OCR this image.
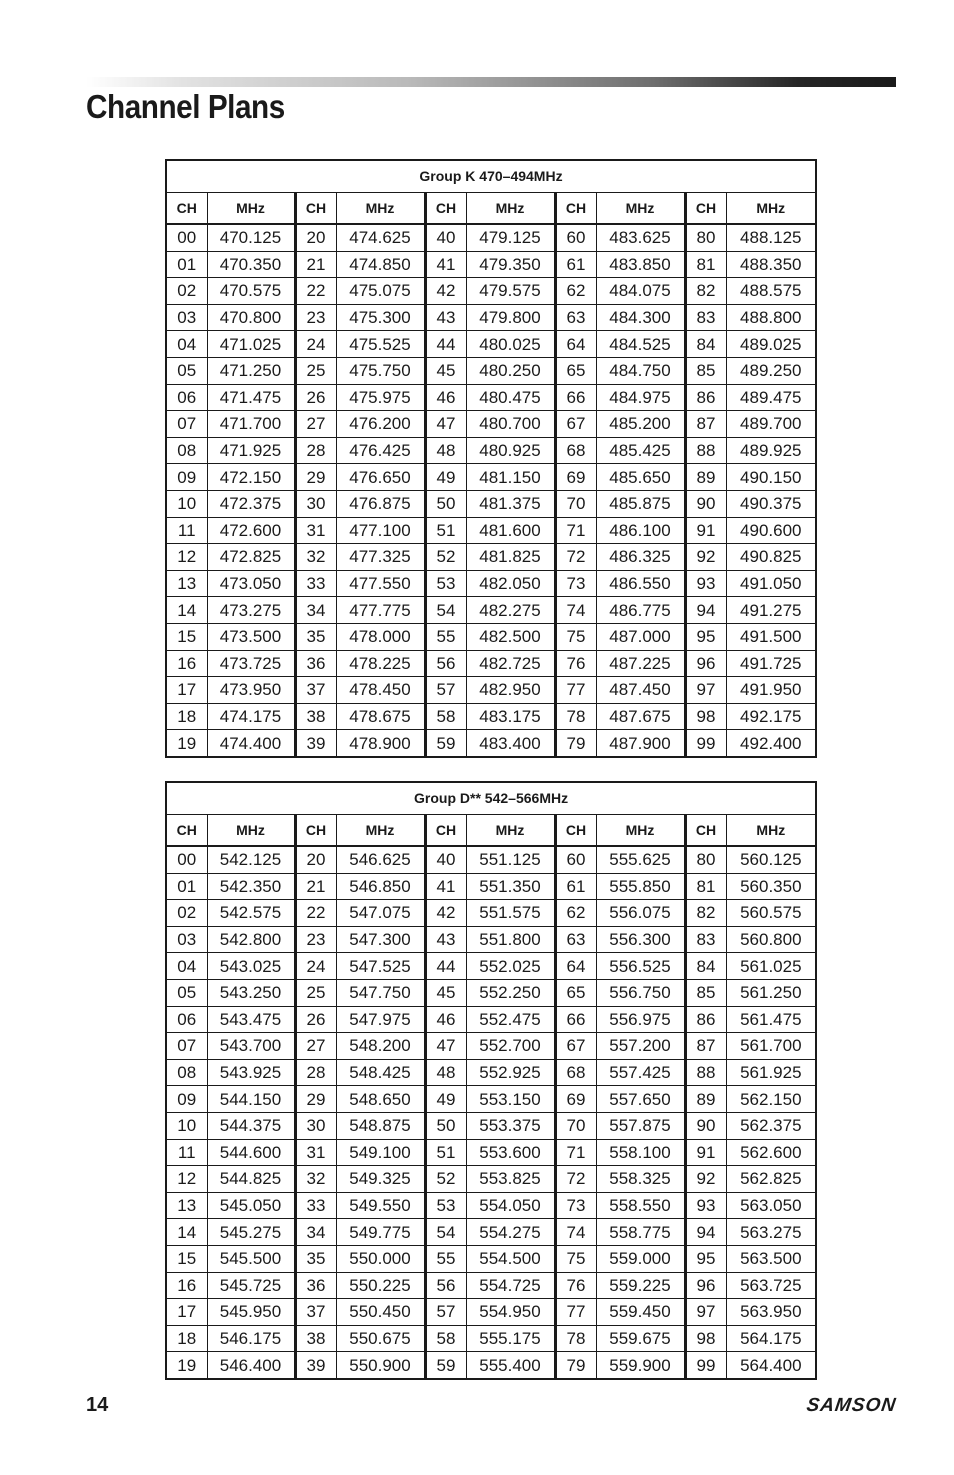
Channel Plans
Group K 470–494MHz									
CH	MHz	CH	MHz	CH	MHz	CH	MHz	CH	MHz
00	470.125	20	474.625	40	479.125	60	483.625	80	488.125
01	470.350	21	474.850	41	479.350	61	483.850	81	488.350
02	470.575	22	475.075	42	479.575	62	484.075	82	488.575
03	470.800	23	475.300	43	479.800	63	484.300	83	488.800
04	471.025	24	475.525	44	480.025	64	484.525	84	489.025
05	471.250	25	475.750	45	480.250	65	484.750	85	489.250
06	471.475	26	475.975	46	480.475	66	484.975	86	489.475
07	471.700	27	476.200	47	480.700	67	485.200	87	489.700
08	471.925	28	476.425	48	480.925	68	485.425	88	489.925
09	472.150	29	476.650	49	481.150	69	485.650	89	490.150
10	472.375	30	476.875	50	481.375	70	485.875	90	490.375
11	472.600	31	477.100	51	481.600	71	486.100	91	490.600
12	472.825	32	477.325	52	481.825	72	486.325	92	490.825
13	473.050	33	477.550	53	482.050	73	486.550	93	491.050
14	473.275	34	477.775	54	482.275	74	486.775	94	491.275
15	473.500	35	478.000	55	482.500	75	487.000	95	491.500
16	473.725	36	478.225	56	482.725	76	487.225	96	491.725
17	473.950	37	478.450	57	482.950	77	487.450	97	491.950
18	474.175	38	478.675	58	483.175	78	487.675	98	492.175
19	474.400	39	478.900	59	483.400	79	487.900	99	492.400
Group D** 542–566MHz									
CH	MHz	CH	MHz	CH	MHz	CH	MHz	CH	MHz
00	542.125	20	546.625	40	551.125	60	555.625	80	560.125
01	542.350	21	546.850	41	551.350	61	555.850	81	560.350
02	542.575	22	547.075	42	551.575	62	556.075	82	560.575
03	542.800	23	547.300	43	551.800	63	556.300	83	560.800
04	543.025	24	547.525	44	552.025	64	556.525	84	561.025
05	543.250	25	547.750	45	552.250	65	556.750	85	561.250
06	543.475	26	547.975	46	552.475	66	556.975	86	561.475
07	543.700	27	548.200	47	552.700	67	557.200	87	561.700
08	543.925	28	548.425	48	552.925	68	557.425	88	561.925
09	544.150	29	548.650	49	553.150	69	557.650	89	562.150
10	544.375	30	548.875	50	553.375	70	557.875	90	562.375
11	544.600	31	549.100	51	553.600	71	558.100	91	562.600
12	544.825	32	549.325	52	553.825	72	558.325	92	562.825
13	545.050	33	549.550	53	554.050	73	558.550	93	563.050
14	545.275	34	549.775	54	554.275	74	558.775	94	563.275
15	545.500	35	550.000	55	554.500	75	559.000	95	563.500
16	545.725	36	550.225	56	554.725	76	559.225	96	563.725
17	545.950	37	550.450	57	554.950	77	559.450	97	563.950
18	546.175	38	550.675	58	555.175	78	559.675	98	564.175
19	546.400	39	550.900	59	555.400	79	559.900	99	564.400
14	SAMSON
